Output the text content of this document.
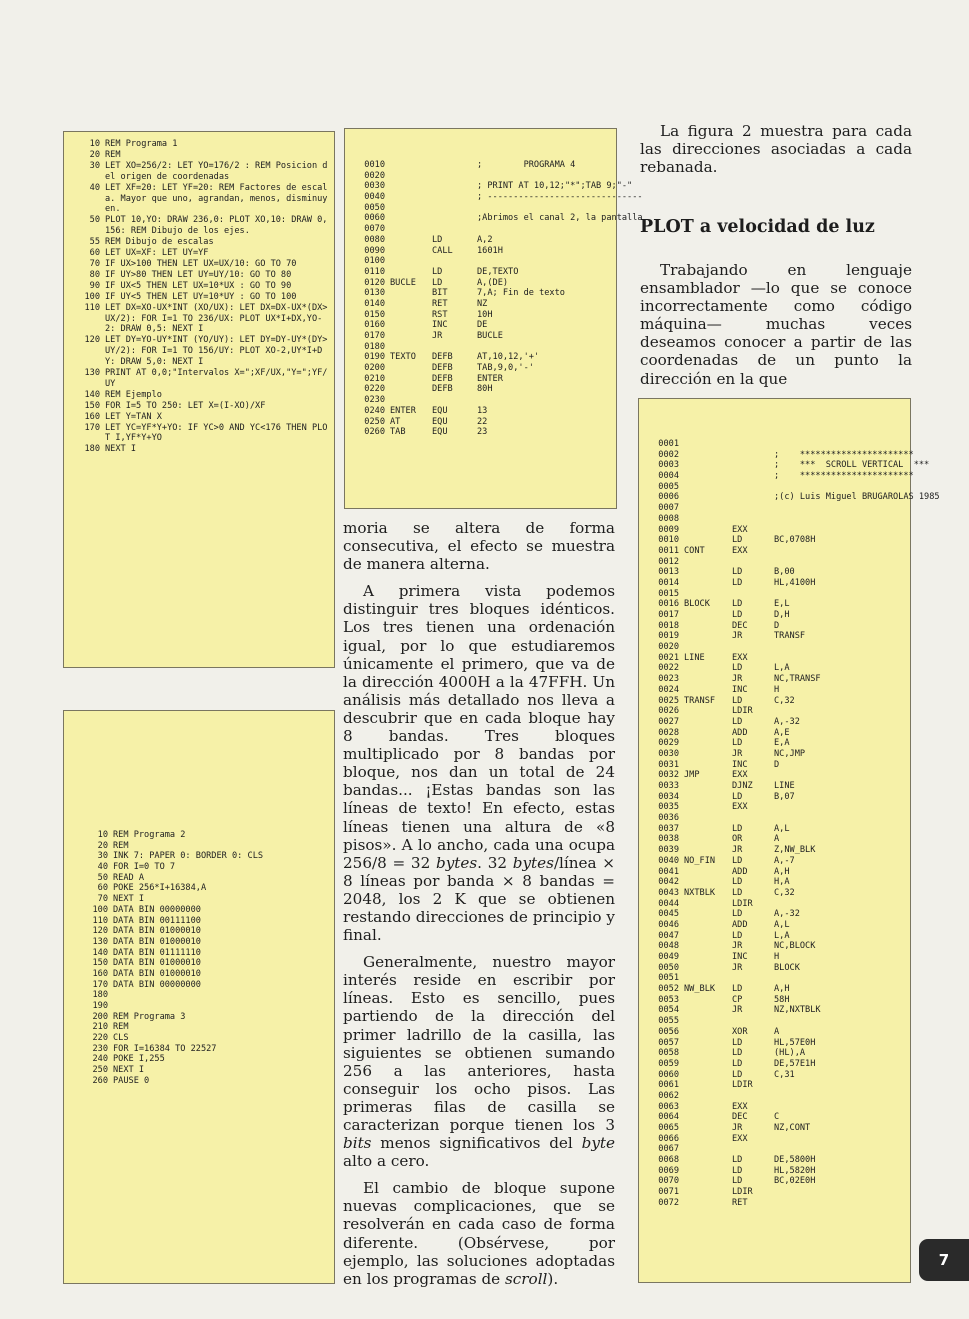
10 REM Programa 1
20 REM
30 LET XO=256/2: LET YO=176/2 : REM Posicion del origen de coordenadas
40 LET XF=20: LET YF=20: REM Factores de escala. Mayor que uno, agrandan, menos, disminuyen.
50 PLOT 10,YO: DRAW 236,0: PLOT XO,10: DRAW 0,156: REM Dibujo de los ejes.
55 REM Dibujo de escalas
60 LET UX=XF: LET UY=YF
70 IF UX>100 THEN LET UX=UX/10: GO TO 70
80 IF UY>80 THEN LET UY=UY/10: GO TO 80
90 IF UX<5 THEN LET UX=10*UX : GO TO 90
100 IF UY<5 THEN LET UY=10*UY : GO TO 100
110 LET DX=XO-UX*INT (XO/UX): LET DX=DX-UX*(DX>UX/2): FOR I=1 TO 236/UX: PLOT UX*I+DX,YO-2: DRAW 0,5: NEXT I
120 LET DY=YO-UY*INT (YO/UY): LET DY=DY-UY*(DY>UY/2): FOR I=1 TO 156/UY: PLOT XO-2,UY*I+DY: DRAW 5,0: NEXT I
130 PRINT AT 0,0;"Intervalos X=";XF/UX,"Y=";YF/UY
140 REM Ejemplo
150 FOR I=5 TO 250: LET X=(I-XO)/XF
160 LET Y=TAN X
170 LET YC=YF*Y+YO: IF YC>0 AND YC<176 THEN PLOT I,YF*Y+YO
180 NEXT I
10 REM Programa 2
20 REM
30 INK 7: PAPER 0: BORDER 0: CLS
40 FOR I=0 TO 7
50 READ A
60 POKE 256*I+16384,A
70 NEXT I
100 DATA BIN 00000000
110 DATA BIN 00111100
120 DATA BIN 01000010
130 DATA BIN 01000010
140 DATA BIN 01111110
150 DATA BIN 01000010
160 DATA BIN 01000010
170 DATA BIN 00000000
180
190
200 REM Programa 3
210 REM
220 CLS
230 FOR I=16384 TO 22527
240 POKE I,255
250 NEXT I
260 PAUSE 0
0010	;        PROGRAMA 4
0020
0030	; PRINT AT 10,12;"*";TAB 9;"-"
0040	; ------------------------------
0050
0060	;Abrimos el canal 2, la pantalla
0070
0080	LD	A,2
0090	CALL	1601H
0100
0110	LD	DE,TEXTO
0120 BUCLE LD	A,(DE)
0130	BIT	7,A; Fin de texto
0140	RET	NZ
0150	RST	10H
0160	INC	DE
0170	JR	BUCLE
0180
0190 TEXTO DEFB	AT,10,12,'+'
0200	DEFB	TAB,9,0,'-'
0210	DEFB	ENTER
0220	DEFB	80H
0230
0240 ENTER EQU	13
0250 AT	EQU	22
0260 TAB	EQU	23
0001
0002	;    **********************
0003	;    ***  SCROLL VERTICAL  ***
0004	;    **********************
0005
0006	;(c) Luis Miguel BRUGAROLAS 1985
0007
0008
0009	EXX
0010	LD	BC,0708H
0011 CONT	EXX
0012
0013	LD	B,00
0014	LD	HL,4100H
0015
0016 BLOCK	LD	E,L
0017	LD	D,H
0018	DEC	D
0019	JR	TRANSF
0020
0021 LINE	EXX
0022	LD	L,A
0023	JR	NC,TRANSF
0024	INC	H
0025 TRANSF LD	C,32
0026	LDIR
0027	LD	A,-32
0028	ADD	A,E
0029	LD	E,A
0030	JR	NC,JMP
0031	INC	D
0032 JMP	EXX
0033	DJNZ LINE
0034	LD	B,07
0035	EXX
0036
0037	LD	A,L
0038	OR	A
0039	JR	Z,NW_BLK
0040 NO_FIN LD	A,-7
0041	ADD	A,H
0042	LD	H,A
0043 NXTBLK LD	C,32
0044	LDIR
0045	LD	A,-32
0046	ADD	A,L
0047	LD	L,A
0048	JR	NC,BLOCK
0049	INC	H
0050	JR	BLOCK
0051
0052 NW_BLK LD	A,H
0053	CP	58H
0054	JR	NZ,NXTBLK
0055
0056	XOR	A
0057	LD	HL,57E0H
0058	LD	(HL),A
0059	LD	DE,57E1H
0060	LD	C,31
0061	LDIR
0062
0063	EXX
0064	DEC	C
0065	JR	NZ,CONT
0066	EXX
0067
0068	LD	DE,5800H
0069	LD	HL,5820H
0070	LD	BC,02E0H
0071	LDIR
0072	RET

moria se altera de forma consecutiva, el efecto se muestra de manera alterna.

A primera vista podemos distinguir tres bloques idénticos. Los tres tienen una ordenación igual, por lo que estudiaremos únicamente el primero, que va de la dirección 4000H a la 47FFH. Un análisis más detallado nos lleva a descubrir que en cada bloque hay 8 bandas. Tres bloques multiplicado por 8 bandas por bloque, nos dan un total de 24 bandas... ¡Estas bandas son las líneas de texto! En efecto, estas líneas tienen una altura de «8 pisos». A lo ancho, cada una ocupa 256/8 = 32 bytes. 32 bytes/línea × 8 líneas por banda × 8 bandas = 2048, los 2 K que se obtienen restando direcciones de principio y final.

Generalmente, nuestro mayor interés reside en escribir por líneas. Esto es sencillo, pues partiendo de la dirección del primer ladrillo de la casilla, las siguientes se obtienen sumando 256 a las anteriores, hasta conseguir los ocho pisos. Las primeras filas de casilla se caracterizan porque tienen los 3 bits menos significativos del byte alto a cero.

El cambio de bloque supone nuevas complicaciones, que se resolverán en cada caso de forma diferente. (Obsérvese, por ejemplo, las soluciones adoptadas en los programas de scroll).

La figura 2 muestra para cada las direcciones asociadas a cada rebanada.

PLOT a velocidad de luz

Trabajando en lenguaje ensamblador —lo que se conoce incorrectamente como código máquina— muchas veces deseamos conocer a partir de las coordenadas de un punto la dirección en la que

7
